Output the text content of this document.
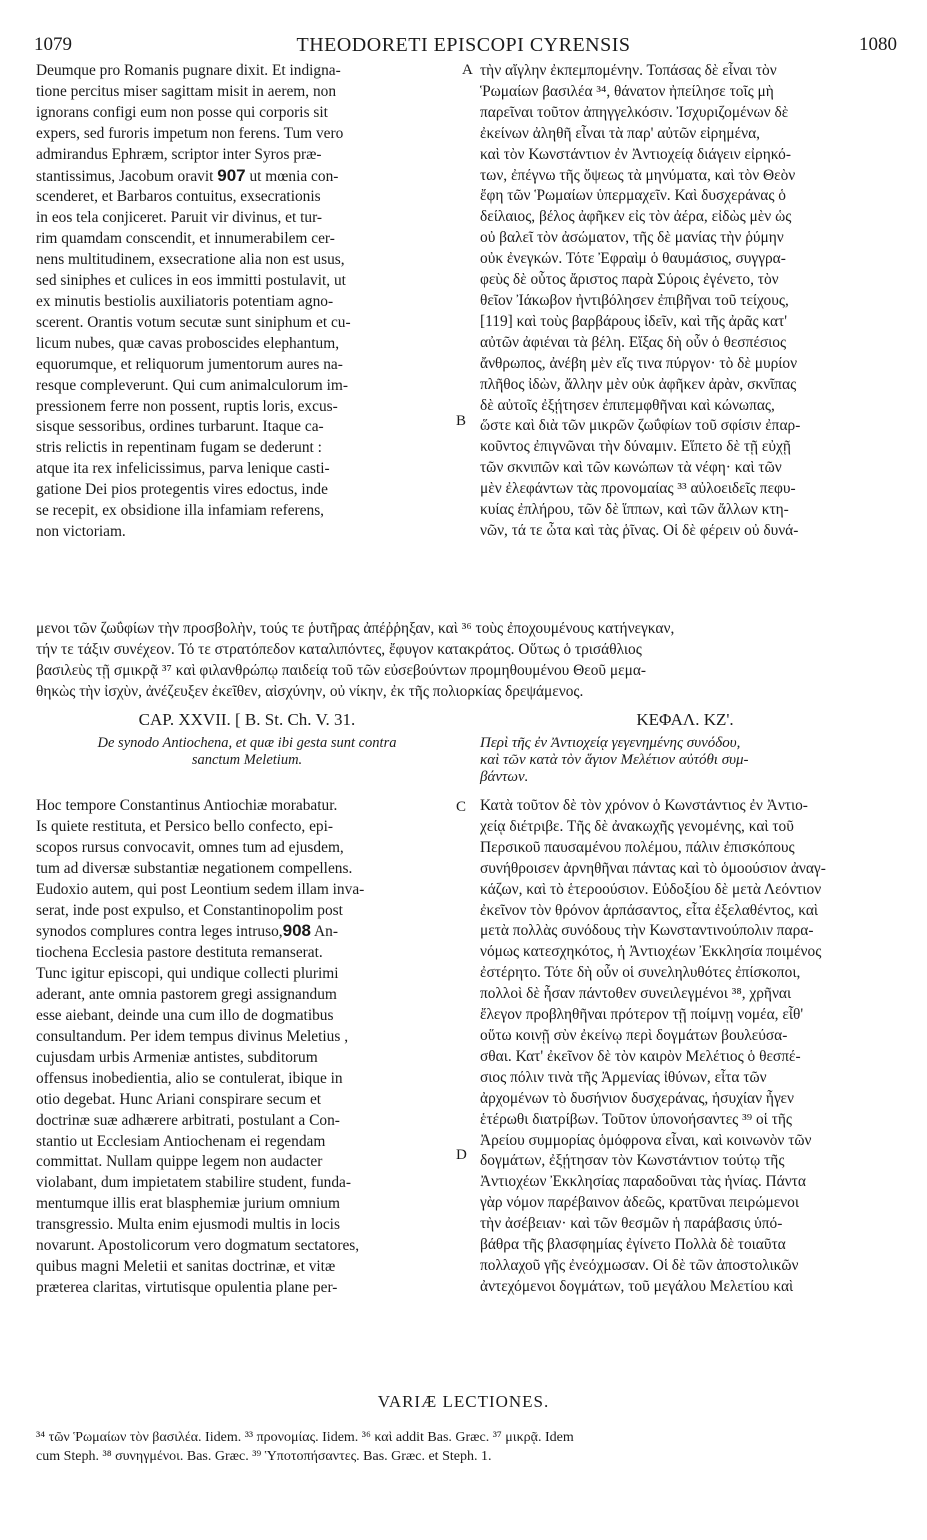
1079	THEODORETI EPISCOPI CYRENSIS	1080
A
B
C
D
Deumque pro Romanis pugnare dixit. Et indigna-
tione percitus miser sagittam misit in aerem, non
ignorans configi eum non posse qui corporis sit
expers, sed furoris impetum non ferens. Tum vero
admirandus Ephræm, scriptor inter Syros præ-
stantissimus, Jacobum oravit 907 ut mœnia con-
scenderet, et Barbaros contuitus, exsecrationis
in eos tela conjiceret. Paruit vir divinus, et tur-
rim quamdam conscendit, et innumerabilem cer-
nens multitudinem, exsecratione alia non est usus,
sed siniphes et culices in eos immitti postulavit, ut
ex minutis bestiolis auxiliatoris potentiam agno-
scerent. Orantis votum secutæ sunt siniphum et cu-
licum nubes, quæ cavas proboscides elephantum,
equorumque, et reliquorum jumentorum aures na-
resque compleverunt. Qui cum animalculorum im-
pressionem ferre non possent, ruptis loris, excus-
sisque sessoribus, ordines turbarunt. Itaque ca-
stris relictis in repentinam fugam se dederunt :
atque ita rex infelicissimus, parva lenique casti-
gatione Dei pios protegentis vires edoctus, inde
se recepit, ex obsidione illa infamiam referens,
non victoriam.
τὴν αἴγλην ἐκπεμπομένην. Τοπάσας δὲ εἶναι τὸν
Ῥωμαίων βασιλέα ³⁴, θάνατον ἠπείλησε τοῖς μὴ
παρεῖναι τοῦτον ἀπηγγελκόσιν. Ἰσχυριζομένων δὲ
ἐκείνων ἀληθῆ εἶναι τὰ παρ' αὐτῶν εἰρημένα,
καὶ τὸν Κωνστάντιον ἐν Ἀντιοχείᾳ διάγειν εἰρηκό-
των, ἐπέγνω τῆς ὄψεως τὰ μηνύματα, καὶ τὸν Θεὸν
ἔφη τῶν Ῥωμαίων ὑπερμαχεῖν. Καὶ δυσχεράνας ὁ
δείλαιος, βέλος ἀφῆκεν εἰς τὸν ἀέρα, εἰδὼς μὲν ὡς
οὐ βαλεῖ τὸν ἀσώματον, τῆς δὲ μανίας τὴν ῥύμην
οὐκ ἐνεγκών. Τότε Ἐφραὶμ ὁ θαυμάσιος, συγγρα-
φεὺς δὲ οὗτος ἄριστος παρὰ Σύροις ἐγένετο, τὸν
θεῖον Ἰάκωβον ἠντιβόλησεν ἐπιβῆναι τοῦ τείχους,
[119] καὶ τοὺς βαρβάρους ἰδεῖν, καὶ τῆς ἀρᾶς κατ'
αὐτῶν ἀφιέναι τὰ βέλη. Εἴξας δὴ οὖν ὁ θεσπέσιος
ἄνθρωπος, ἀνέβη μὲν εἴς τινα πύργον· τὸ δὲ μυρίον
πλῆθος ἰδὼν, ἄλλην μὲν οὐκ ἀφῆκεν ἀρὰν, σκνῖπας
δὲ αὐτοῖς ἐξῄτησεν ἐπιπεμφθῆναι καὶ κώνωπας,
ὥστε καὶ διὰ τῶν μικρῶν ζωΰφίων τοῦ σφίσιν ἐπαρ-
κοῦντος ἐπιγνῶναι τὴν δύναμιν. Εἵπετο δὲ τῇ εὐχῇ
τῶν σκνιπῶν καὶ τῶν κωνώπων τὰ νέφη· καὶ τῶν
μὲν ἐλεφάντων τὰς προνομαίας ³³ αὐλοειδεῖς πεφυ-
κυίας ἐπλήρου, τῶν δὲ ἵππων, καὶ τῶν ἄλλων κτη-
νῶν, τά τε ὦτα καὶ τὰς ῥῖνας. Οἱ δὲ φέρειν οὐ δυνά-
μενοι τῶν ζωΰφίων τὴν προσβολὴν, τούς τε ῥυτῆρας ἀπέῤῥηξαν, καὶ ³⁶ τοὺς ἐποχουμένους κατήνεγκαν,
τήν τε τάξιν συνέχεον. Τό τε στρατόπεδον καταλιπόντες, ἔφυγον κατακράτος. Οὕτως ὁ τρισάθλιος
βασιλεὺς τῇ σμικρᾷ ³⁷ καὶ φιλανθρώπῳ παιδείᾳ τοῦ τῶν εὐσεβούντων προμηθουμένου Θεοῦ μεμα-
θηκὼς τὴν ἰσχὺν, ἀνέζευξεν ἐκεῖθεν, αἰσχύνην, οὐ νίκην, ἐκ τῆς πολιορκίας δρεψάμενος.
CAP. XXVII. [ B. St. Ch. V. 31.
De synodo Antiochena, et quæ ibi gesta sunt contra
sanctum Meletium.
ΚΕΦΑΛ. ΚΖ'.
Περὶ τῆς ἐν Ἀντιοχείᾳ γεγενημένης συνόδου,
καὶ τῶν κατὰ τὸν ἅγιον Μελέτιον αὐτόθι συμ-
βάντων.
Hoc tempore Constantinus Antiochiæ morabatur.
Is quiete restituta, et Persico bello confecto, epi-
scopos rursus convocavit, omnes tum ad ejusdem,
tum ad diversæ substantiæ negationem compellens.
Eudoxio autem, qui post Leontium sedem illam inva-
serat, inde post expulso, et Constantinopolim post
synodos complures contra leges intruso,908 An-
tiochena Ecclesia pastore destituta remanserat.
Tunc igitur episcopi, qui undique collecti plurimi
aderant, ante omnia pastorem gregi assignandum
esse aiebant, deinde una cum illo de dogmatibus
consultandum. Per idem tempus divinus Meletius ,
cujusdam urbis Armeniæ antistes, subditorum
offensus inobedientia, alio se contulerat, ibique in
otio degebat. Hunc Ariani conspirare secum et
doctrinæ suæ adhærere arbitrati, postulant a Con-
stantio ut Ecclesiam Antiochenam ei regendam
committat. Nullam quippe legem non audacter
violabant, dum impietatem stabilire student, funda-
mentumque illis erat blasphemiæ jurium omnium
transgressio. Multa enim ejusmodi multis in locis
novarunt. Apostolicorum vero dogmatum sectatores,
quibus magni Meletii et sanitas doctrinæ, et vitæ
præterea claritas, virtutisque opulentia plane per-
Κατὰ τοῦτον δὲ τὸν χρόνον ὁ Κωνστάντιος ἐν Ἀντιο-
χείᾳ διέτριβε. Τῆς δὲ ἀνακωχῆς γενομένης, καὶ τοῦ
Περσικοῦ παυσαμένου πολέμου, πάλιν ἐπισκόπους
συνήθροισεν ἀρνηθῆναι πάντας καὶ τὸ ὁμοούσιον ἀναγ-
κάζων, καὶ τὸ ἑτεροούσιον. Εὐδοξίου δὲ μετὰ Λεόντιον
ἐκεῖνον τὸν θρόνον ἁρπάσαντος, εἶτα ἐξελαθέντος, καὶ
μετὰ πολλὰς συνόδους τὴν Κωνσταντινούπολιν παρα-
νόμως κατεσχηκότος, ἡ Ἀντιοχέων Ἐκκλησία ποιμένος
ἐστέρητο. Τότε δὴ οὖν οἱ συνεληλυθότες ἐπίσκοποι,
πολλοὶ δὲ ἦσαν πάντοθεν συνειλεγμένοι ³⁸, χρῆναι
ἔλεγον προβληθῆναι πρότερον τῇ ποίμνῃ νομέα, εἶθ'
οὕτω κοινῇ σὺν ἐκείνῳ περὶ δογμάτων βουλεύσα-
σθαι. Κατ' ἐκεῖνον δὲ τὸν καιρὸν Μελέτιος ὁ θεσπέ-
σιος πόλιν τινὰ τῆς Ἀρμενίας ἰθύνων, εἶτα τῶν
ἀρχομένων τὸ δυσήνιον δυσχεράνας, ἡσυχίαν ἦγεν
ἑτέρωθι διατρίβων. Τοῦτον ὑπονοήσαντες ³⁹ οἱ τῆς
Ἀρείου συμμορίας ὁμόφρονα εἶναι, καὶ κοινωνὸν τῶν
δογμάτων, ἐξῄτησαν τὸν Κωνστάντιον τούτῳ τῆς
Ἀντιοχέων Ἐκκλησίας παραδοῦναι τὰς ἡνίας. Πάντα
γὰρ νόμον παρέβαινον ἀδεῶς, κρατῦναι πειρώμενοι
τὴν ἀσέβειαν· καὶ τῶν θεσμῶν ἡ παράβασις ὑπό-
βάθρα τῆς βλασφημίας ἐγίνετο Πολλὰ δὲ τοιαῦτα
πολλαχοῦ γῆς ἐνεόχμωσαν. Οἱ δὲ τῶν ἀποστολικῶν
ἀντεχόμενοι δογμάτων, τοῦ μεγάλου Μελετίου καὶ
VARIÆ LECTIONES.
³⁴ τῶν Ῥωμαίων τὸν βασιλέα. Iidem. ³³ προνομίας. Iidem. ³⁶ καὶ addit Bas. Græc. ³⁷ μικρᾷ. Idem
cum Steph. ³⁸ συνηγμένοι. Bas. Græc. ³⁹ Ὑποτοπήσαντες. Bas. Græc. et Steph. 1.
